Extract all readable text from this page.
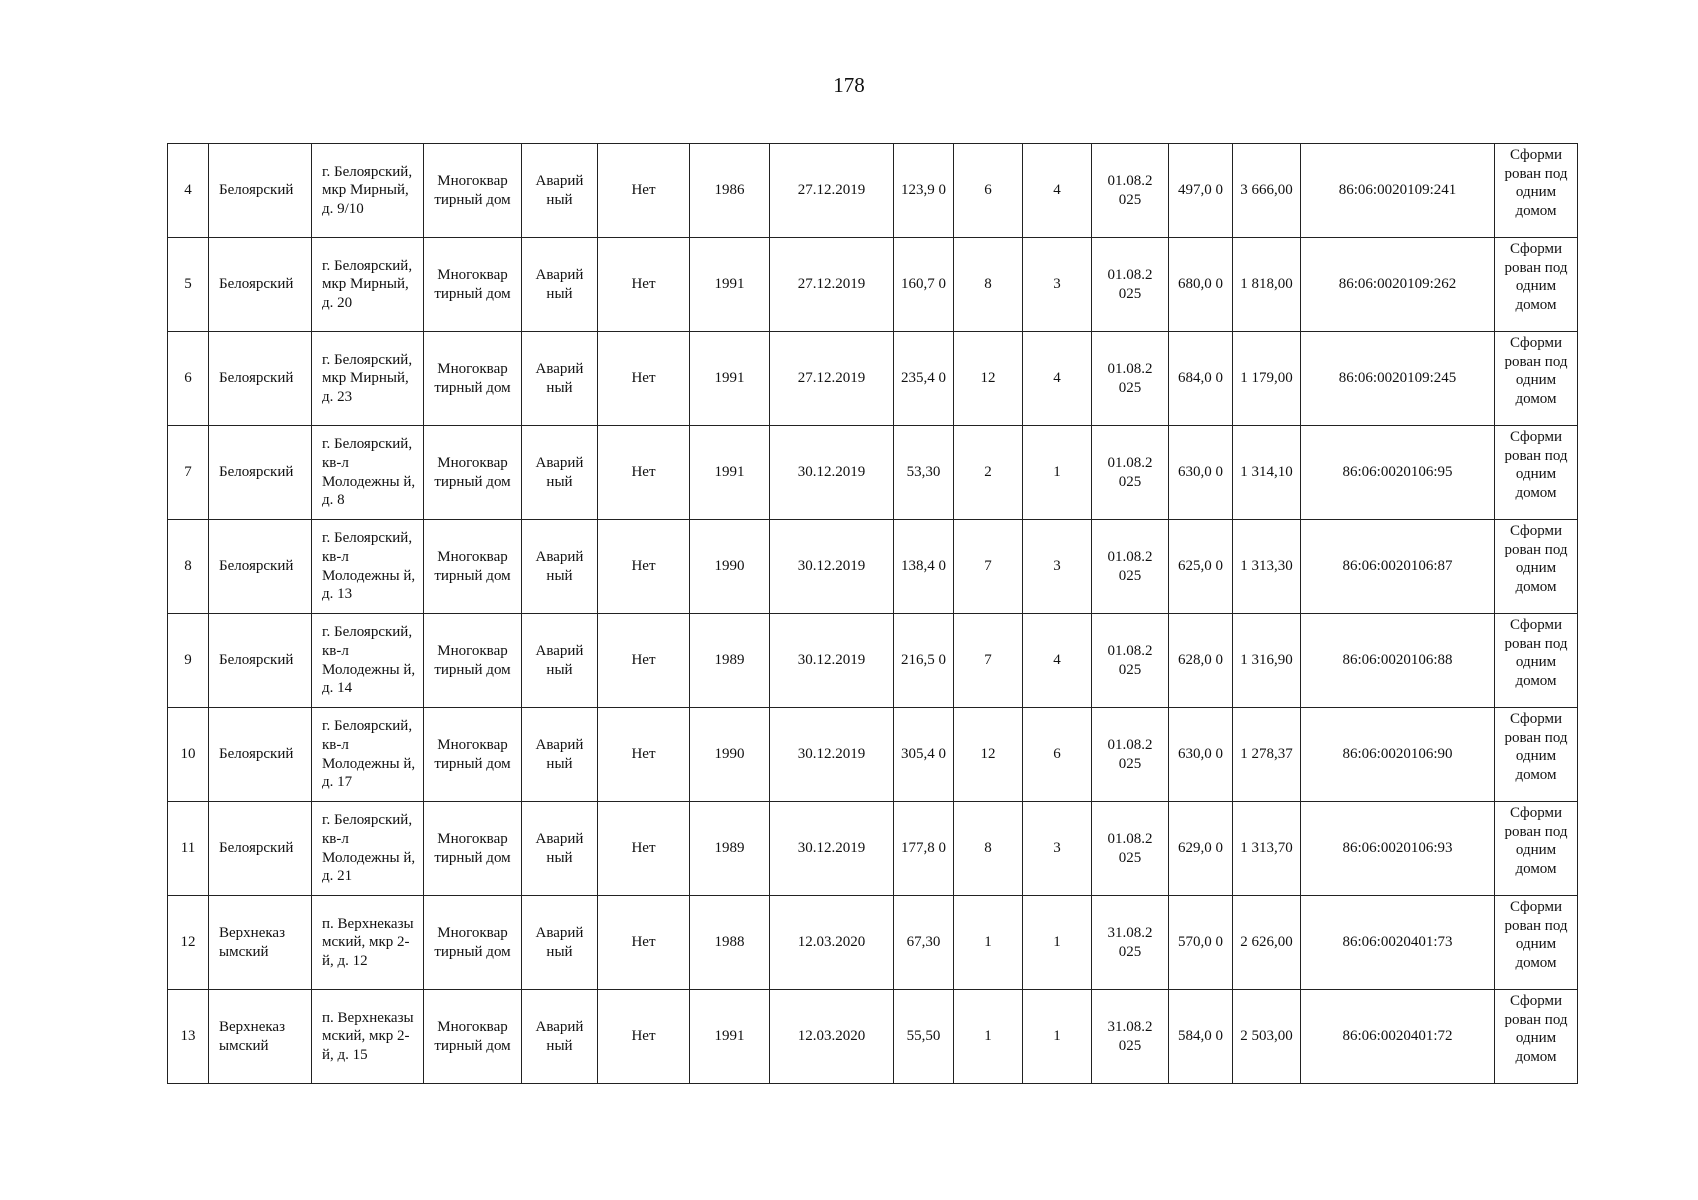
178
4	Белоярский	г. Белоярский, мкр Мирный, д. 9/10	Многоквар тирный дом	Аварий ный	Нет	1986	27.12.2019	123,9 0	6	4	01.08.2 025	497,0 0	3 666,00	86:06:0020109:241	Сформи рован под одним домом
5	Белоярский	г. Белоярский, мкр Мирный, д. 20	Многоквар тирный дом	Аварий ный	Нет	1991	27.12.2019	160,7 0	8	3	01.08.2 025	680,0 0	1 818,00	86:06:0020109:262	Сформи рован под одним домом
6	Белоярский	г. Белоярский, мкр Мирный, д. 23	Многоквар тирный дом	Аварий ный	Нет	1991	27.12.2019	235,4 0	12	4	01.08.2 025	684,0 0	1 179,00	86:06:0020109:245	Сформи рован под одним домом
7	Белоярский	г. Белоярский, кв-л Молодежны й, д. 8	Многоквар тирный дом	Аварий ный	Нет	1991	30.12.2019	53,30	2	1	01.08.2 025	630,0 0	1 314,10	86:06:0020106:95	Сформи рован под одним домом
8	Белоярский	г. Белоярский, кв-л Молодежны й, д. 13	Многоквар тирный дом	Аварий ный	Нет	1990	30.12.2019	138,4 0	7	3	01.08.2 025	625,0 0	1 313,30	86:06:0020106:87	Сформи рован под одним домом
9	Белоярский	г. Белоярский, кв-л Молодежны й, д. 14	Многоквар тирный дом	Аварий ный	Нет	1989	30.12.2019	216,5 0	7	4	01.08.2 025	628,0 0	1 316,90	86:06:0020106:88	Сформи рован под одним домом
10	Белоярский	г. Белоярский, кв-л Молодежны й, д. 17	Многоквар тирный дом	Аварий ный	Нет	1990	30.12.2019	305,4 0	12	6	01.08.2 025	630,0 0	1 278,37	86:06:0020106:90	Сформи рован под одним домом
11	Белоярский	г. Белоярский, кв-л Молодежны й, д. 21	Многоквар тирный дом	Аварий ный	Нет	1989	30.12.2019	177,8 0	8	3	01.08.2 025	629,0 0	1 313,70	86:06:0020106:93	Сформи рован под одним домом
12	Верхнеказ ымский	п. Верхнеказы мский, мкр 2-й, д. 12	Многоквар тирный дом	Аварий ный	Нет	1988	12.03.2020	67,30	1	1	31.08.2 025	570,0 0	2 626,00	86:06:0020401:73	Сформи рован под одним домом
13	Верхнеказ ымский	п. Верхнеказы мский, мкр 2-й, д. 15	Многоквар тирный дом	Аварий ный	Нет	1991	12.03.2020	55,50	1	1	31.08.2 025	584,0 0	2 503,00	86:06:0020401:72	Сформи рован под одним домом
